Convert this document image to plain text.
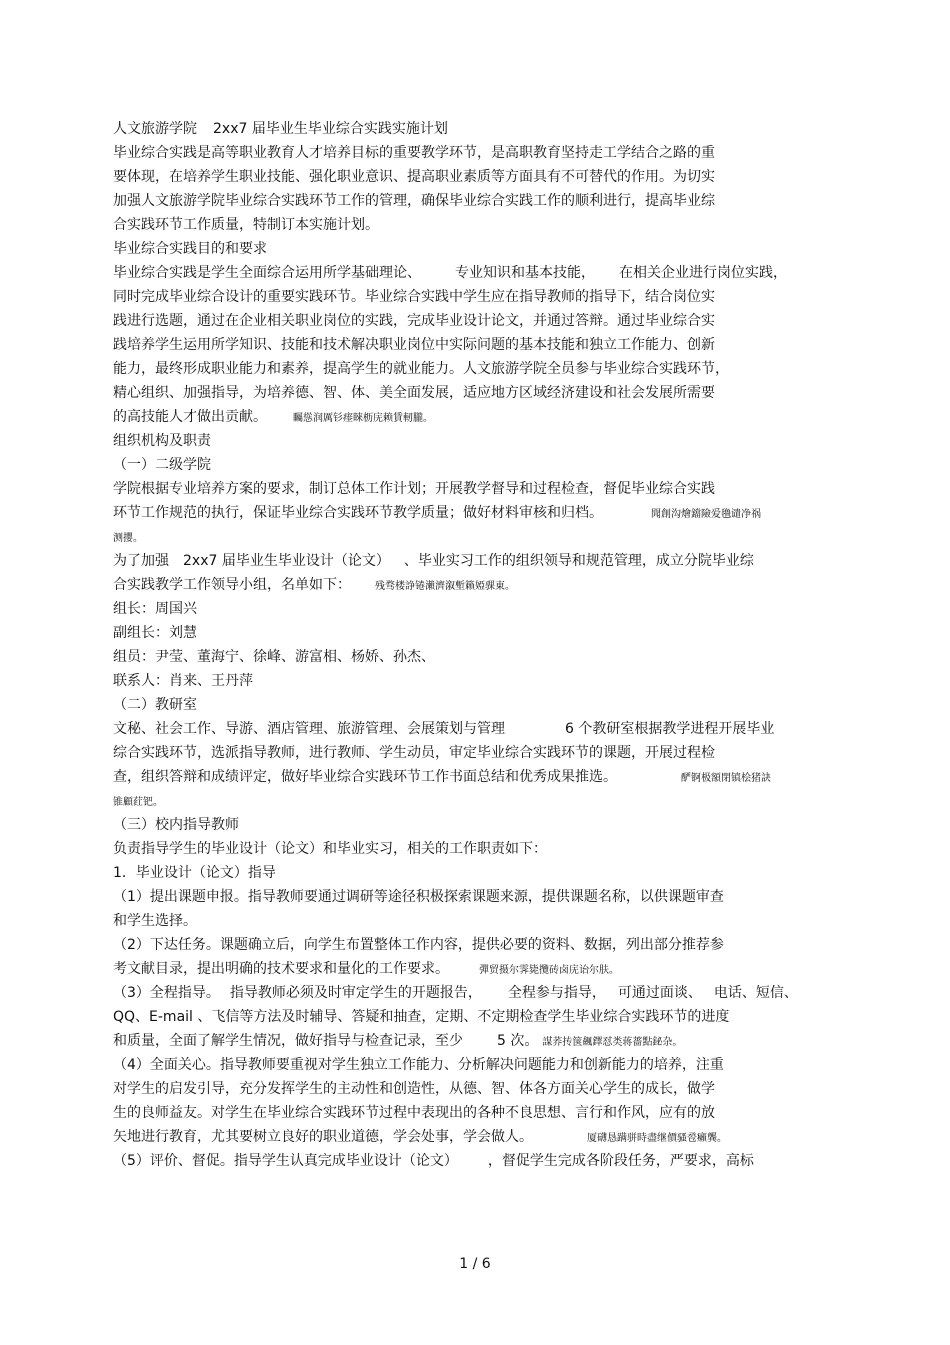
人文旅游学院 2xx7 届毕业生毕业综合实践实施计划
毕业综合实践是高等职业教育人才培养目标的重要教学环节，是高职教育坚持走工学结合之路的重
要体现，在培养学生职业技能、强化职业意识、提高职业素质等方面具有不可替代的作用。为切实
加强人文旅游学院毕业综合实践环节工作的管理，确保毕业综合实践工作的顺利进行，提高毕业综
合实践环节工作质量，特制订本实施计划。
毕业综合实践目的和要求
毕业综合实践是学生全面综合运用所学基础理论、 专业知识和基本技能， 在相关企业进行岗位实践，
同时完成毕业综合设计的重要实践环节。毕业综合实践中学生应在指导教师的指导下，结合岗位实
践进行选题，通过在企业相关职业岗位的实践，完成毕业设计论文，并通过答辩。通过毕业综合实
践培养学生运用所学知识、技能和技术解决职业岗位中实际问题的基本技能和独立工作能力、创新
能力，最终形成职业能力和素养，提高学生的就业能力。人文旅游学院全员参与毕业综合实践环节，
精心组织、加强指导，为培养德、智、体、美全面发展，适应地方区域经济建设和社会发展所需要
的高技能人才做出贡献。	矚慫润厲钐瘗睞枥庑赖賃軔朧。
组织机构及职责
（一）二级学院
学院根据专业培养方案的要求，制订总体工作计划；开展教学督导和过程检查，督促毕业综合实践
环节工作规范的执行，保证毕业综合实践环节教学质量；做好材料审核和归档。	聞創沟燴鐺險爱氇谴净祸
测攖。
为了加强 2xx7 届毕业生毕业设计（论文） 、毕业实习工作的组织领导和规范管理，成立分院毕业综
合实践教学工作领导小组，名单如下： 残骛楼諍锩瀨濟溆塹籟婭骒東。
组长：周国兴
副组长：刘慧
组员：尹莹、董海宁、徐峰、游富相、杨娇、孙杰、
联系人：肖来、王丹萍
（二）教研室
文秘、社会工作、导游、酒店管理、旅游管理、会展策划与管理	6 个教研室根据教学进程开展毕业
综合实践环节，选派指导教师，进行教师、学生动员，审定毕业综合实践环节的课题，开展过程检
查，组织答辩和成绩评定，做好毕业综合实践环节工作书面总结和优秀成果推选。	酽锕极額閉镇桧猪訣
锥顧荭钯。
（三）校内指导教师
负责指导学生的毕业设计（论文）和毕业实习，相关的工作职责如下：
1．毕业设计（论文）指导
（1）提出课题申报。指导教师要通过调研等途径积极探索课题来源，提供课题名称，以供课题审查
和学生选择。
（2）下达任务。课题确立后，向学生布置整体工作内容，提供必要的资料、数据，列出部分推荐参
考文献目录，提出明确的技术要求和量化的工作要求。	彈贸摄尔霁毙攬砖卤庑诒尔肤。
（3）全程指导。 指导教师必须及时审定学生的开题报告， 全程参与指导， 可通过面谈、 电话、短信、
QQ、E-mail 、飞信等方法及时辅导、答疑和抽查，定期、不定期检查学生毕业综合实践环节的进度
和质量，全面了解学生情况，做好指导与检查记录，至少 5 次。 謀荞抟箧飆鐸怼类蒋薔點鉍杂。
（4）全面关心。指导教师要重视对学生独立工作能力、分析解决问题能力和创新能力的培养，注重
对学生的启发引导，充分发挥学生的主动性和创造性，从德、智、体各方面关心学生的成长，做学
生的良师益友。对学生在毕业综合实践环节过程中表现出的各种不良思想、言行和作风，应有的放
矢地进行教育，尤其要树立良好的职业道德，学会处事，学会做人。	厦礴恳蹒骈時盡继價骚卺癩龔。
（5）评价、督促。指导学生认真完成毕业设计（论文） ，督促学生完成各阶段任务，严要求，高标
1 / 6
